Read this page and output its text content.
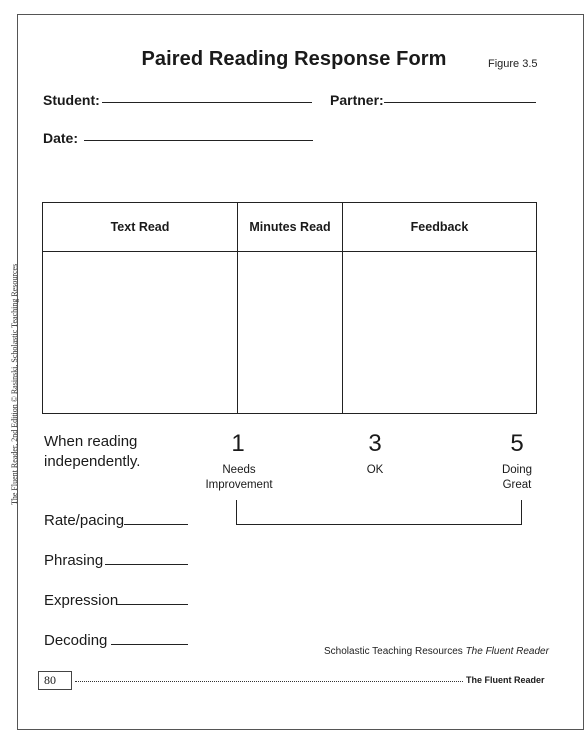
Paired Reading Response Form	Figure 3.5
Student:	Partner:
Date:
Text Read	Minutes Read	Feedback

When reading
independently.
1
Needs
Improvement
3
OK
5
Doing
Great
Rate/pacing
Phrasing
Expression
Decoding
Scholastic Teaching Resources The Fluent Reader
80	The Fluent Reader
The Fluent Reader, 2nd Edition © Rasinski, Scholastic Teaching Resources
